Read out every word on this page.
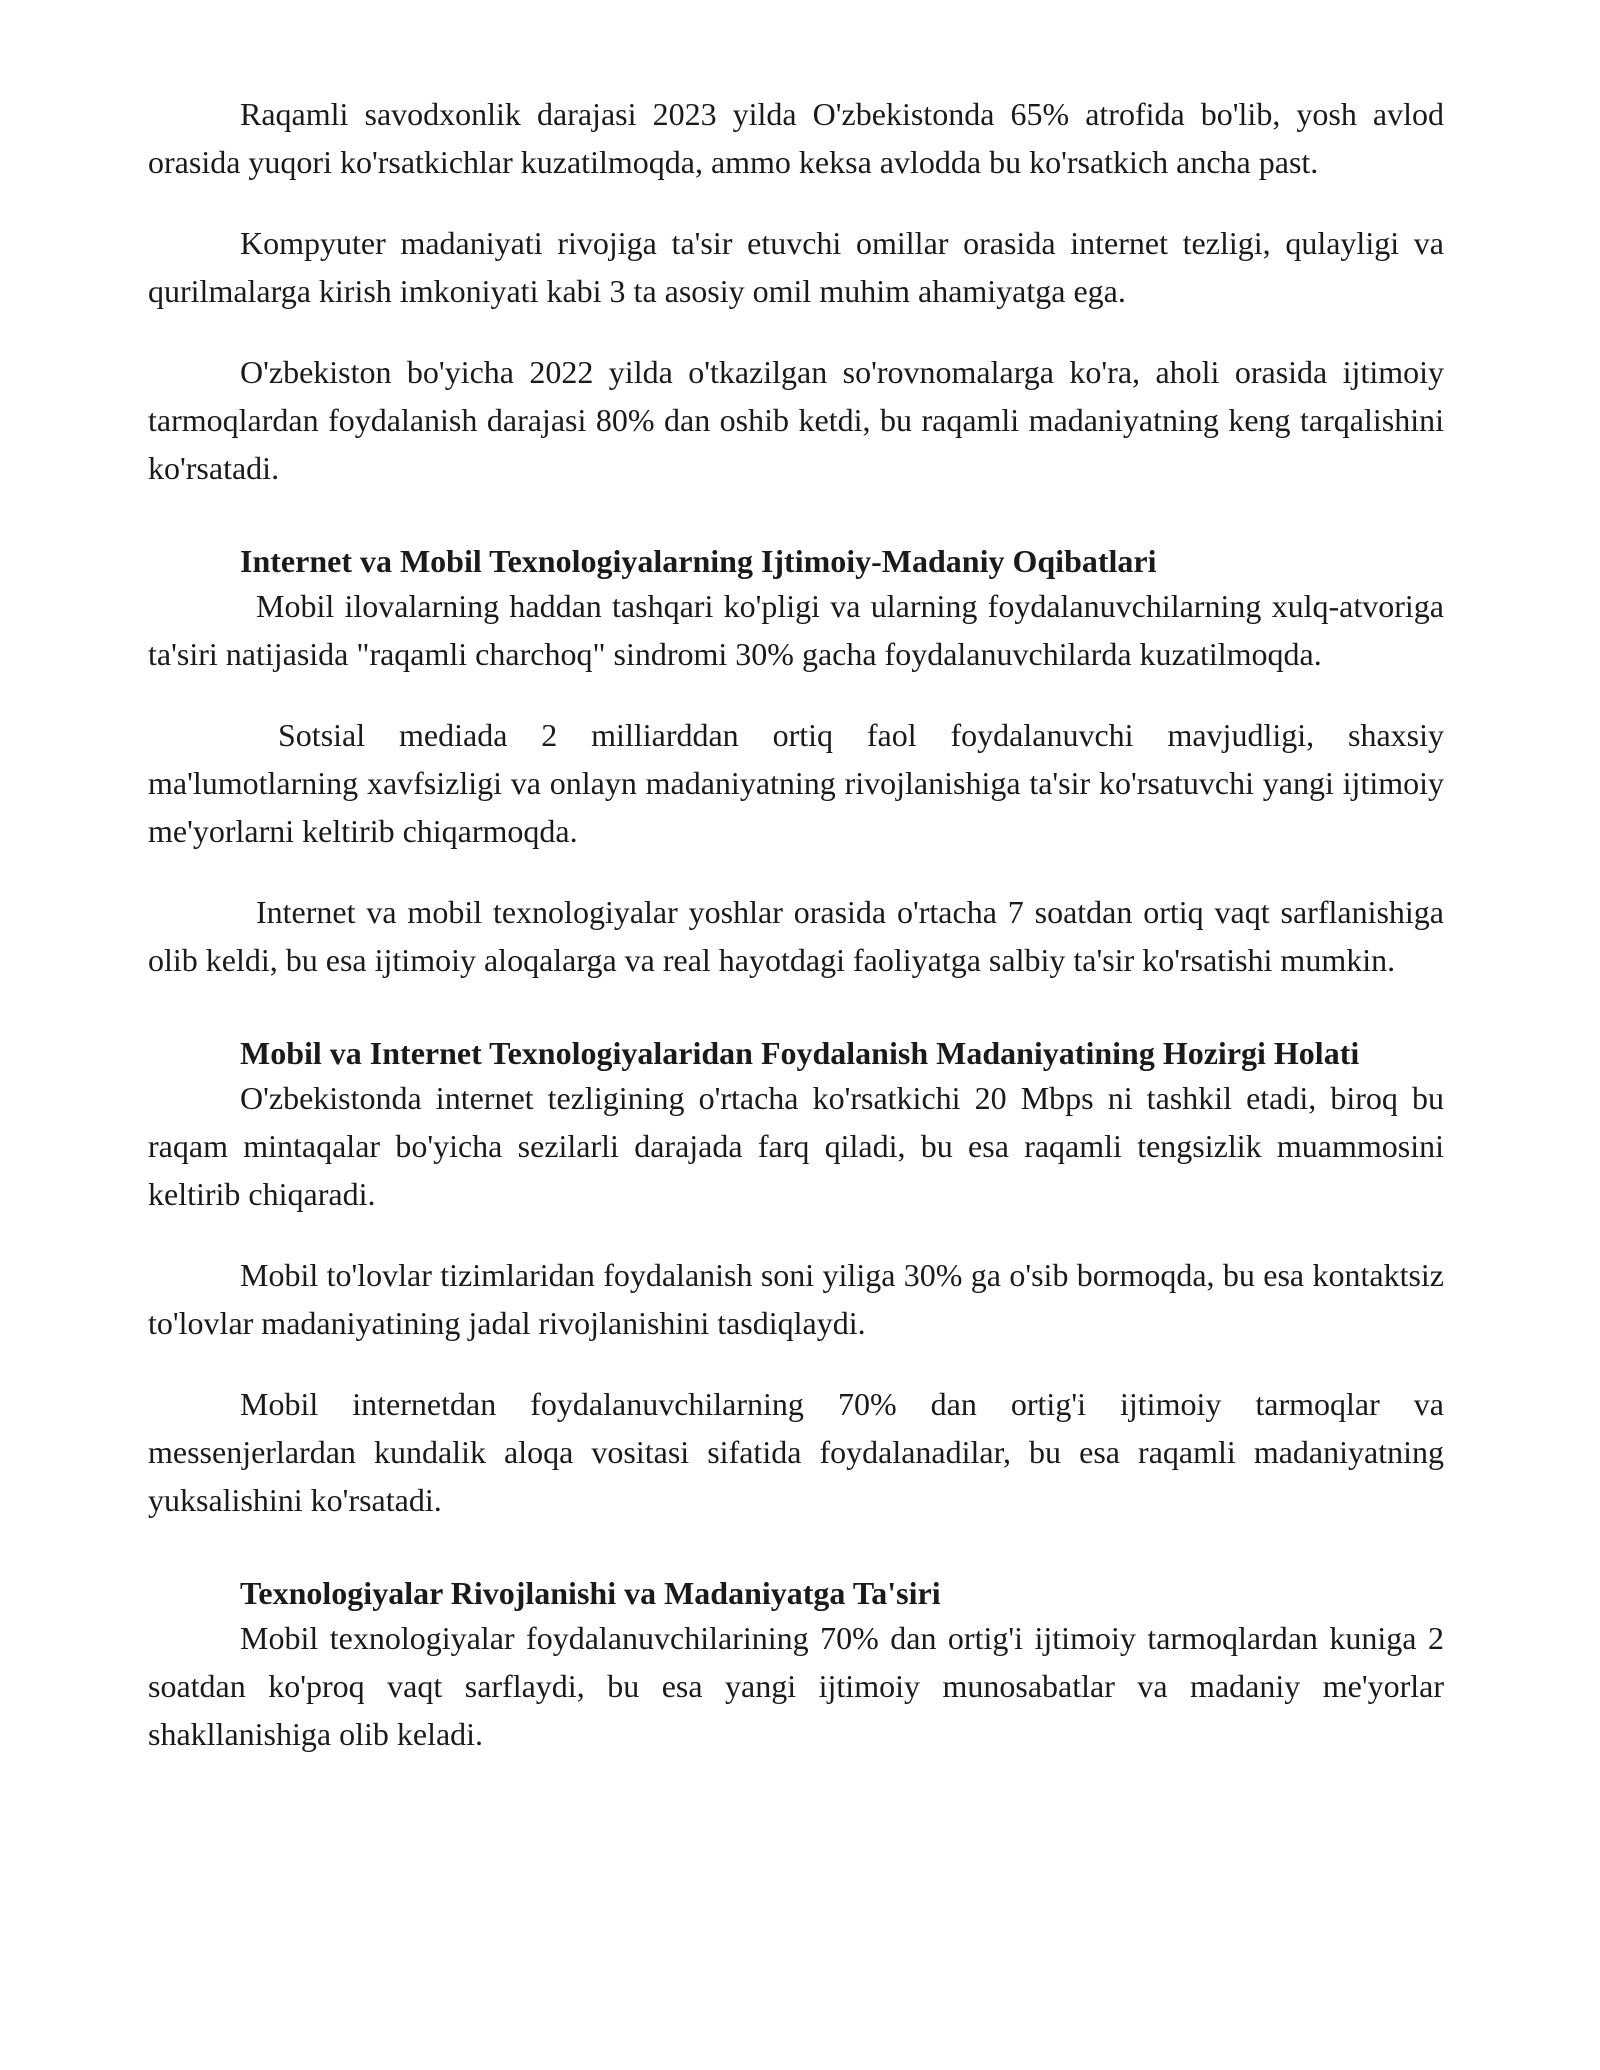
Raqamli savodxonlik darajasi 2023 yilda O'zbekistonda 65% atrofida bo'lib, yosh avlod orasida yuqori ko'rsatkichlar kuzatilmoqda, ammo keksa avlodda bu ko'rsatkich ancha past.

Kompyuter madaniyati rivojiga ta'sir etuvchi omillar orasida internet tezligi, qulayligi va qurilmalarga kirish imkoniyati kabi 3 ta asosiy omil muhim ahamiyatga ega.

O'zbekiston bo'yicha 2022 yilda o'tkazilgan so'rovnomalarga ko'ra, aholi orasida ijtimoiy tarmoqlardan foydalanish darajasi 80% dan oshib ketdi, bu raqamli madaniyatning keng tarqalishini ko'rsatadi.

Internet va Mobil Texnologiyalarning Ijtimoiy-Madaniy Oqibatlari

Mobil ilovalarning haddan tashqari ko'pligi va ularning foydalanuvchilarning xulq-atvoriga ta'siri natijasida "raqamli charchoq" sindromi 30% gacha foydalanuvchilarda kuzatilmoqda.

Sotsial mediada 2 milliarddan ortiq faol foydalanuvchi mavjudligi, shaxsiy ma'lumotlarning xavfsizligi va onlayn madaniyatning rivojlanishiga ta'sir ko'rsatuvchi yangi ijtimoiy me'yorlarni keltirib chiqarmoqda.

Internet va mobil texnologiyalar yoshlar orasida o'rtacha 7 soatdan ortiq vaqt sarflanishiga olib keldi, bu esa ijtimoiy aloqalarga va real hayotdagi faoliyatga salbiy ta'sir ko'rsatishi mumkin.

Mobil va Internet Texnologiyalaridan Foydalanish Madaniyatining Hozirgi Holati

O'zbekistonda internet tezligining o'rtacha ko'rsatkichi 20 Mbps ni tashkil etadi, biroq bu raqam mintaqalar bo'yicha sezilarli darajada farq qiladi, bu esa raqamli tengsizlik muammosini keltirib chiqaradi.

Mobil to'lovlar tizimlaridan foydalanish soni yiliga 30% ga o'sib bormoqda, bu esa kontaktsiz to'lovlar madaniyatining jadal rivojlanishini tasdiqlaydi.

Mobil internetdan foydalanuvchilarning 70% dan ortig'i ijtimoiy tarmoqlar va messenjerlardan kundalik aloqa vositasi sifatida foydalanadilar, bu esa raqamli madaniyatning yuksalishini ko'rsatadi.

Texnologiyalar Rivojlanishi va Madaniyatga Ta'siri

Mobil texnologiyalar foydalanuvchilarining 70% dan ortig'i ijtimoiy tarmoqlardan kuniga 2 soatdan ko'proq vaqt sarflaydi, bu esa yangi ijtimoiy munosabatlar va madaniy me'yorlar shakllanishiga olib keladi.
